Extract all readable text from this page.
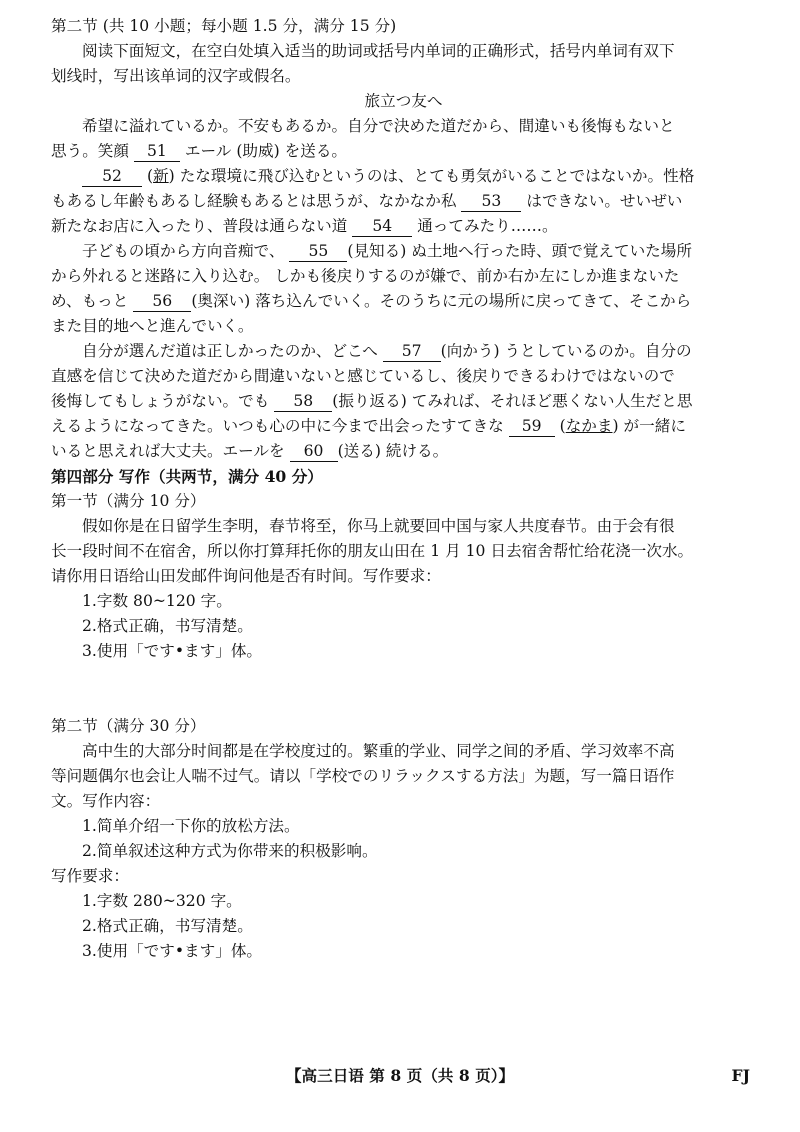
第二节 (共 10 小题；每小题 1.5 分，满分 15 分)
阅读下面短文，在空白处填入适当的助词或括号内单词的正确形式，括号内单词有双下
划线时，写出该单词的汉字或假名。
旅立つ友へ
希望に溢れているか。不安もあるか。自分で決めた道だから、間違いも後悔もないと
思う。笑顔 51 エール (助威) を送る。
52 (新) たな環境に飛び込むというのは、とても勇気がいることではないか。性格
もあるし年齢もあるし経験もあるとは思うが、なかなか私 53 はできない。せいぜい
新たなお店に入ったり、普段は通らない道 54 通ってみたり……。
子どもの頃から方向音痴で、 55 (見知る) ぬ土地へ行った時、頭で覚えていた場所
から外れると迷路に入り込む。 しかも後戻りするのが嫌で、前か右か左にしか進まないた
め、もっと 56 (奥深い) 落ち込んでいく。そのうちに元の場所に戻ってきて、そこから
また目的地へと進んでいく。
自分が選んだ道は正しかったのか、どこへ 57 (向かう) うとしているのか。自分の
直感を信じて決めた道だから間違いないと感じているし、後戻りできるわけではないので
後悔してもしょうがない。でも 58 (振り返る) てみれば、それほど悪くない人生だと思
えるようになってきた。いつも心の中に今まで出会ったすてきな 59 (なかま) が一緒に
いると思えれば大丈夫。エールを 60 (送る) 続ける。
第四部分 写作（共两节，满分 40 分）
第一节（满分 10 分）
假如你是在日留学生李明，春节将至，你马上就要回中国与家人共度春节。由于会有很
长一段时间不在宿舍，所以你打算拜托你的朋友山田在 1 月 10 日去宿舍帮忙给花浇一次水。
请你用日语给山田发邮件询问他是否有时间。写作要求：
1.字数 80~120 字。
2.格式正确，书写清楚。
3.使用「です•ます」体。
第二节（满分 30 分）
高中生的大部分时间都是在学校度过的。繁重的学业、同学之间的矛盾、学习效率不高
等问题偶尔也会让人喘不过气。请以「学校でのリラックスする方法」为题，写一篇日语作
文。写作内容：
1.简单介绍一下你的放松方法。
2.简单叙述这种方式为你带来的积极影响。
写作要求：
1.字数 280~320 字。
2.格式正确，书写清楚。
3.使用「です•ます」体。
【高三日语 第 8 页（共 8 页）】	FJ
